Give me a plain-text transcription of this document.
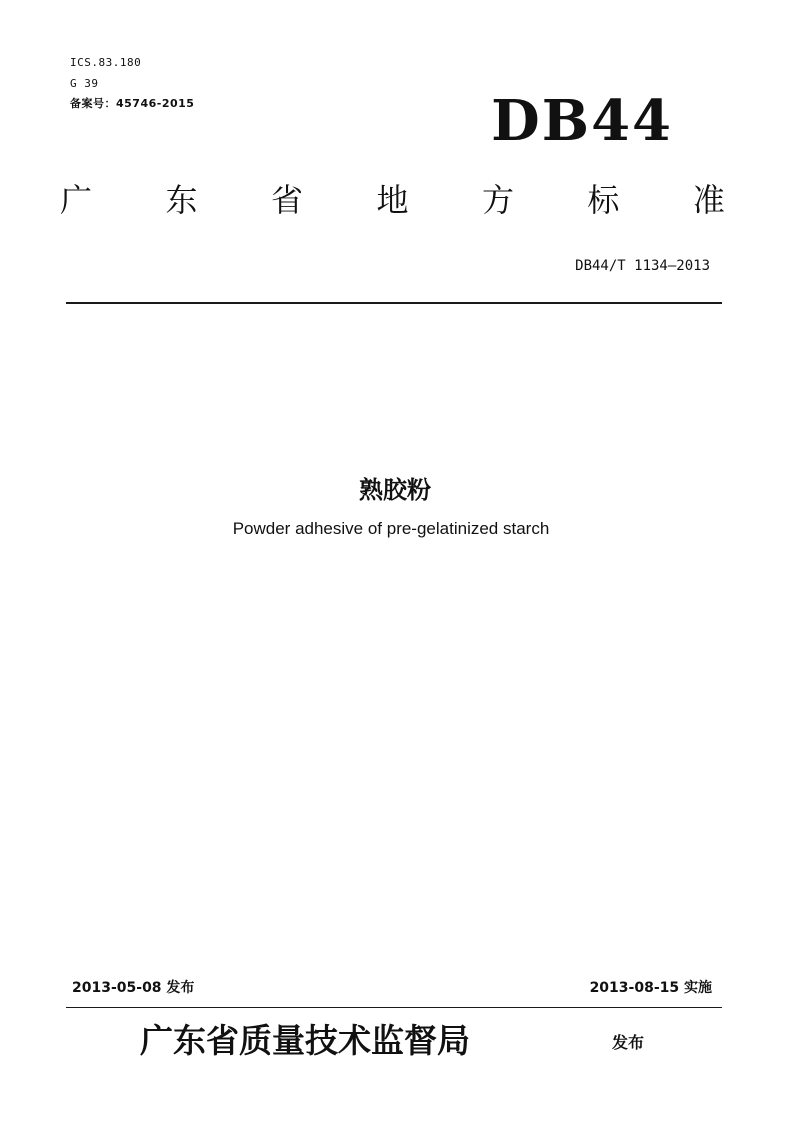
ICS.83.180
G 39
备案号：45746-2015	DB44
广 东 省 地 方 标 准
DB44/T 1134—2013
熟胶粉
Powder adhesive of pre-gelatinized starch
2013-05-08 发布	2013-08-15 实施
广东省质量技术监督局	发布
